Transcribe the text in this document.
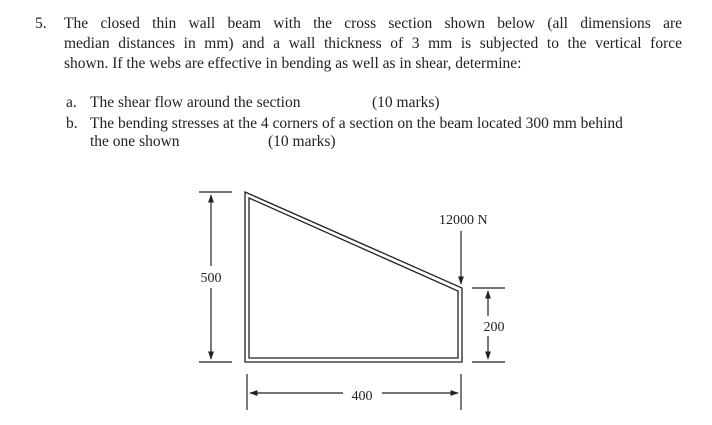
5. The closed thin wall beam with the cross section shown below (all dimensions are
median distances in mm) and a wall thickness of 3 mm is subjected to the vertical force
shown. If the webs are effective in bending as well as in shear, determine:
a. The shear flow around the section	(10 marks)
b. The bending stresses at the 4 corners of a section on the beam located 300 mm behind
the one shown	(10 marks)
500
12000 N
200
400
